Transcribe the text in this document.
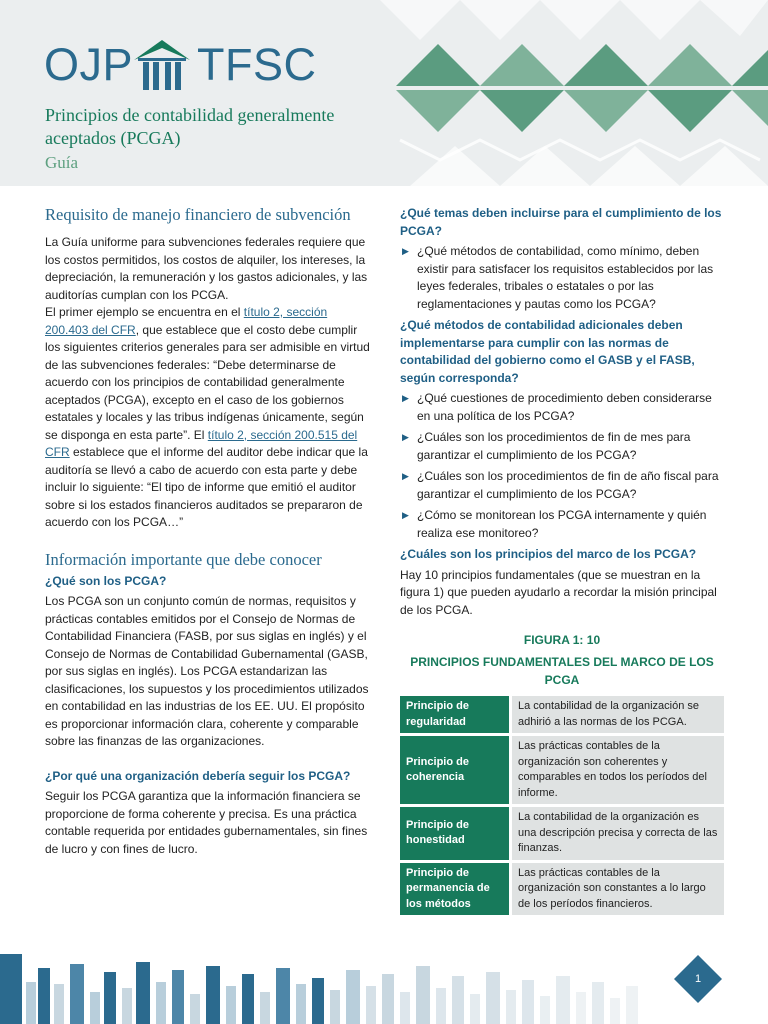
OJP TFSC
Principios de contabilidad generalmente aceptados (PCGA)
Guía
Requisito de manejo financiero de subvención

La Guía uniforme para subvenciones federales requiere que los costos permitidos, los costos de alquiler, los intereses, la depreciación, la remuneración y los gastos adicionales, y las auditorías cumplan con los PCGA.

El primer ejemplo se encuentra en el título 2, sección 200.403 del CFR, que establece que el costo debe cumplir los siguientes criterios generales para ser admisible en virtud de las subvenciones federales: “Debe determinarse de acuerdo con los principios de contabilidad generalmente aceptados (PCGA), excepto en el caso de los gobiernos estatales y locales y las tribus indígenas únicamente, según se disponga en esta parte”. El título 2, sección 200.515 del CFR establece que el informe del auditor debe indicar que la auditoría se llevó a cabo de acuerdo con esta parte y debe incluir lo siguiente: “El tipo de informe que emitió el auditor sobre si los estados financieros auditados se prepararon de acuerdo con los PCGA…”

Información importante que debe conocer
¿Qué son los PCGA?

Los PCGA son un conjunto común de normas, requisitos y prácticas contables emitidos por el Consejo de Normas de Contabilidad Financiera (FASB, por sus siglas en inglés) y el Consejo de Normas de Contabilidad Gubernamental (GASB, por sus siglas en inglés). Los PCGA estandarizan las clasificaciones, los supuestos y los procedimientos utilizados en contabilidad en las industrias de los EE. UU. El propósito es proporcionar información clara, coherente y comparable sobre las finanzas de las organizaciones.

¿Por qué una organización debería seguir los PCGA?

Seguir los PCGA garantiza que la información financiera se proporcione de forma coherente y precisa. Es una práctica contable requerida por entidades gubernamentales, sin fines de lucro y con fines de lucro.

¿Qué temas deben incluirse para el cumplimiento de los PCGA?
▶ ¿Qué métodos de contabilidad, como mínimo, deben existir para satisfacer los requisitos establecidos por las leyes federales, tribales o estatales o por las reglamentaciones y pautas como los PCGA?
¿Qué métodos de contabilidad adicionales deben implementarse para cumplir con las normas de contabilidad del gobierno como el GASB y el FASB, según corresponda?
▶ ¿Qué cuestiones de procedimiento deben considerarse en una política de los PCGA?
▶ ¿Cuáles son los procedimientos de fin de mes para garantizar el cumplimiento de los PCGA?
▶ ¿Cuáles son los procedimientos de fin de año fiscal para garantizar el cumplimiento de los PCGA?
▶ ¿Cómo se monitorean los PCGA internamente y quién realiza ese monitoreo?
¿Cuáles son los principios del marco de los PCGA?

Hay 10 principios fundamentales (que se muestran en la figura 1) que pueden ayudarlo a recordar la misión principal de los PCGA.

FIGURA 1: 10
PRINCIPIOS FUNDAMENTALES DEL MARCO DE LOS PCGA
Principio de regularidad	La contabilidad de la organización se adhirió a las normas de los PCGA.
Principio de coherencia	Las prácticas contables de la organización son coherentes y comparables en todos los períodos del informe.
Principio de honestidad	La contabilidad de la organización es una descripción precisa y correcta de las finanzas.
Principio de permanencia de los métodos	Las prácticas contables de la organización son constantes a lo largo de los períodos financieros.
1
